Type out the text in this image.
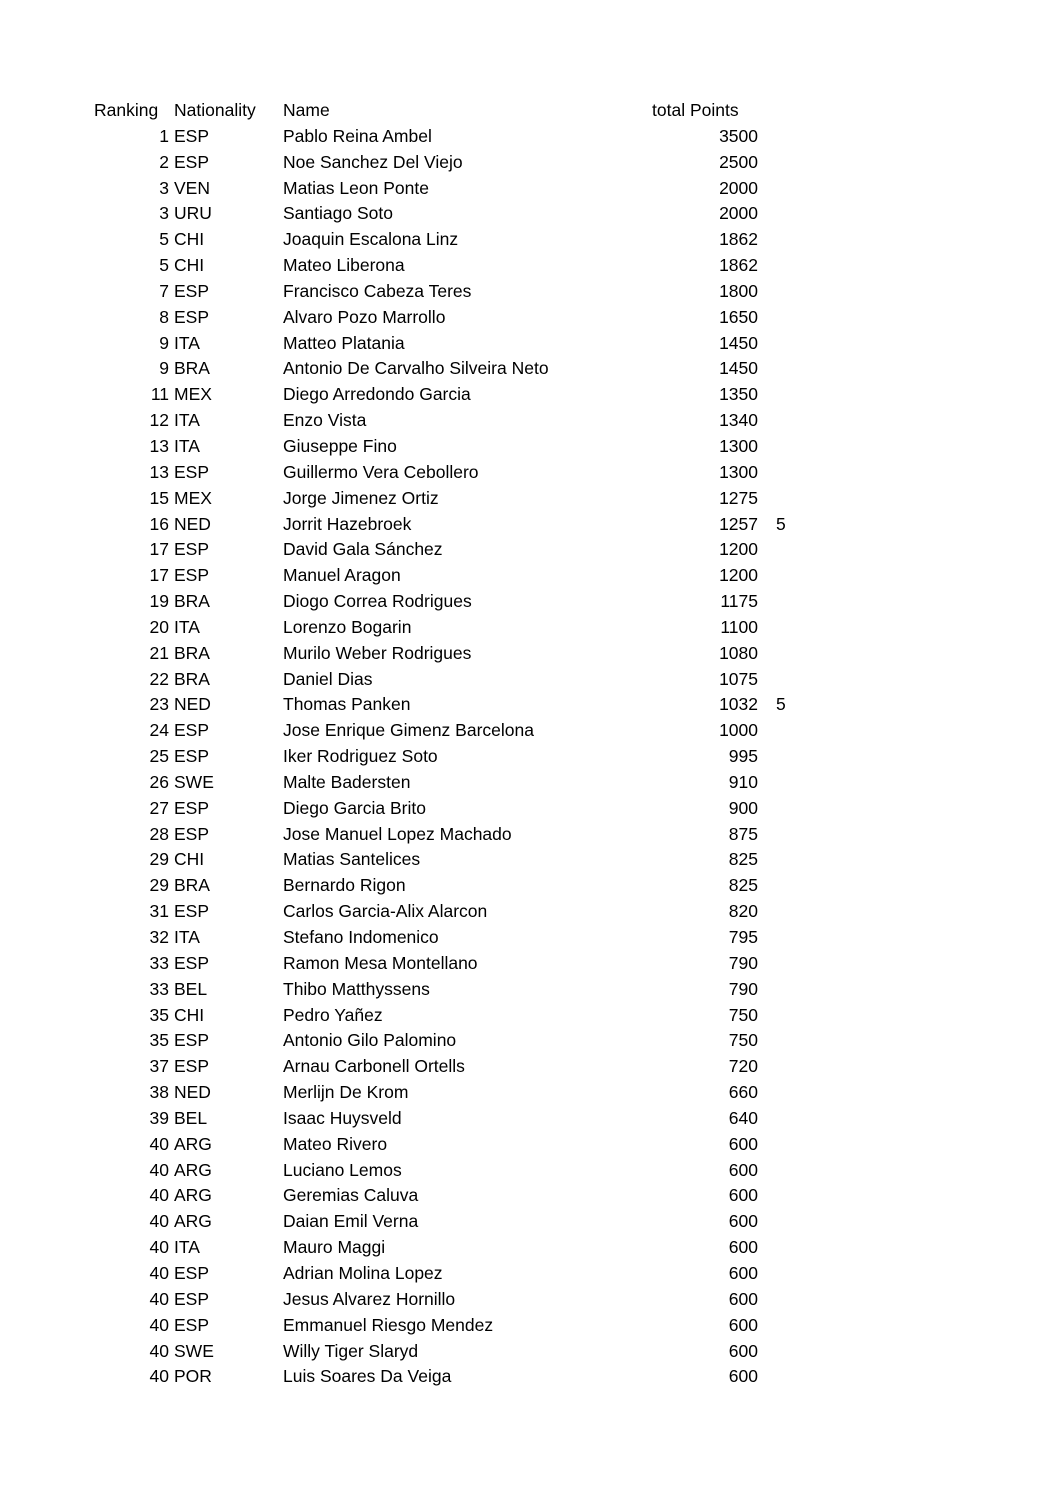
Ranking Nationality	Name	total Points
1 ESP	Pablo Reina Ambel	3500
2 ESP	Noe Sanchez Del Viejo	2500
3 VEN	Matias Leon Ponte	2000
3 URU	Santiago Soto	2000
5 CHI	Joaquin Escalona Linz	1862
5 CHI	Mateo Liberona	1862
7 ESP	Francisco Cabeza Teres	1800
8 ESP	Alvaro Pozo Marrollo	1650
9 ITA	Matteo Platania	1450
9 BRA	Antonio De Carvalho Silveira Neto	1450
11 MEX	Diego Arredondo Garcia	1350
12 ITA	Enzo Vista	1340
13 ITA	Giuseppe Fino	1300
13 ESP	Guillermo Vera Cebollero	1300
15 MEX	Jorge Jimenez Ortiz	1275
16 NED	Jorrit Hazebroek	1257 5
17 ESP	David Gala Sánchez	1200
17 ESP	Manuel Aragon	1200
19 BRA	Diogo Correa Rodrigues	1175
20 ITA	Lorenzo Bogarin	1100
21 BRA	Murilo Weber Rodrigues	1080
22 BRA	Daniel Dias	1075
23 NED	Thomas Panken	1032 5
24 ESP	Jose Enrique Gimenz Barcelona	1000
25 ESP	Iker Rodriguez Soto	995
26 SWE	Malte Badersten	910
27 ESP	Diego Garcia Brito	900
28 ESP	Jose Manuel Lopez Machado	875
29 CHI	Matias Santelices	825
29 BRA	Bernardo Rigon	825
31 ESP	Carlos Garcia-Alix Alarcon	820
32 ITA	Stefano Indomenico	795
33 ESP	Ramon Mesa Montellano	790
33 BEL	Thibo Matthyssens	790
35 CHI	Pedro Yañez	750
35 ESP	Antonio Gilo Palomino	750
37 ESP	Arnau Carbonell Ortells	720
38 NED	Merlijn De Krom	660
39 BEL	Isaac Huysveld	640
40 ARG	Mateo Rivero	600
40 ARG	Luciano Lemos	600
40 ARG	Geremias Caluva	600
40 ARG	Daian Emil Verna	600
40 ITA	Mauro Maggi	600
40 ESP	Adrian Molina Lopez	600
40 ESP	Jesus Alvarez Hornillo	600
40 ESP	Emmanuel Riesgo Mendez	600
40 SWE	Willy Tiger Slaryd	600
40 POR	Luis Soares Da Veiga	600
